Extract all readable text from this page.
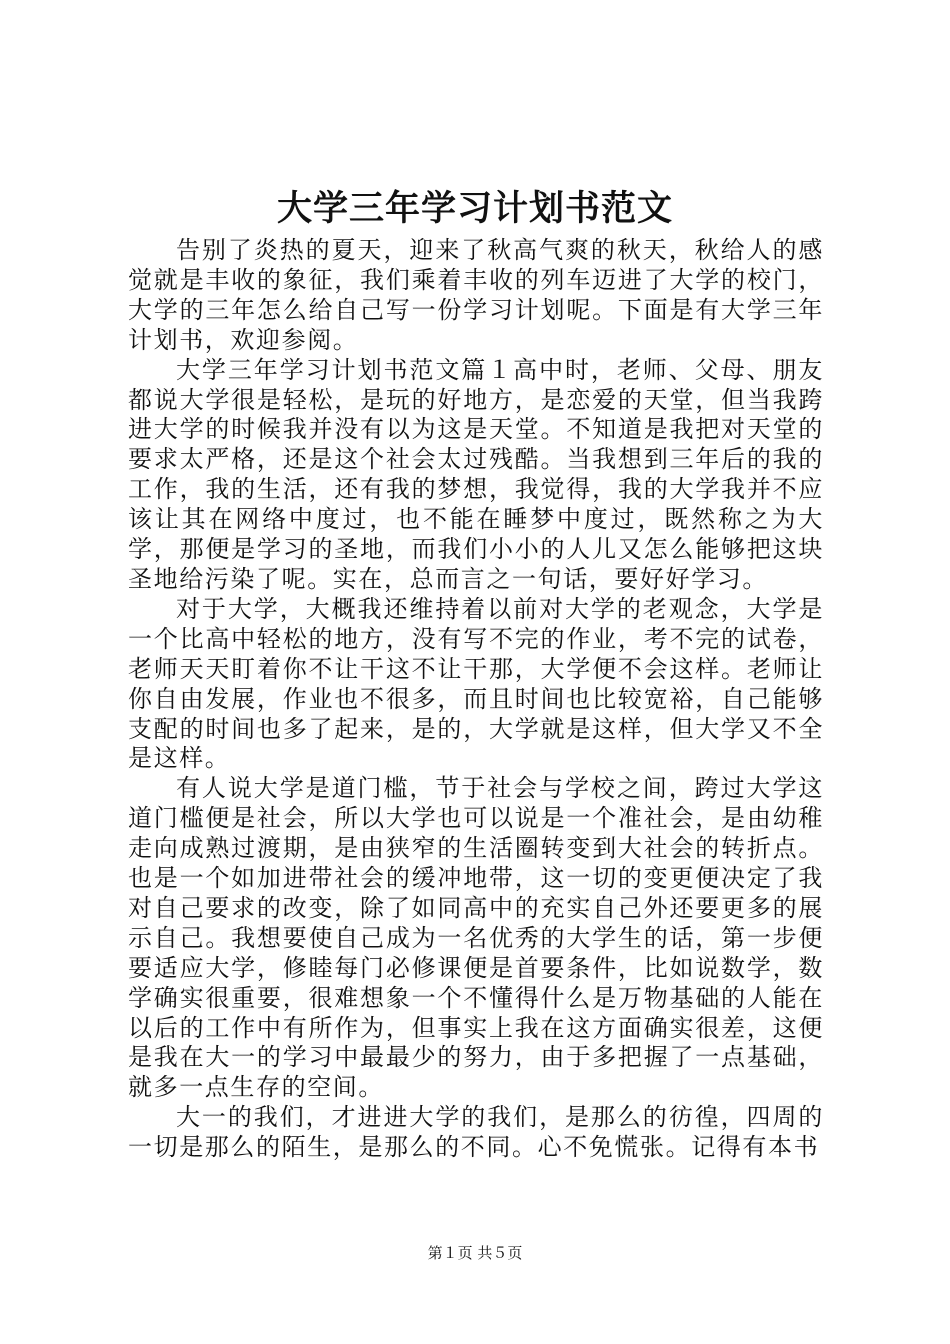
大学三年学习计划书范文

告别了炎热的夏天，迎来了秋高气爽的秋天，秋给人的感觉就是丰收的象征，我们乘着丰收的列车迈进了大学的校门，大学的三年怎么给自己写一份学习计划呢。下面是有大学三年计划书，欢迎参阅。

大学三年学习计划书范文篇１高中时，老师、父母、朋友都说大学很是轻松，是玩的好地方，是恋爱的天堂，但当我跨进大学的时候我并没有以为这是天堂。不知道是我把对天堂的要求太严格，还是这个社会太过残酷。当我想到三年后的我的工作，我的生活，还有我的梦想，我觉得，我的大学我并不应该让其在网络中度过，也不能在睡梦中度过，既然称之为大学，那便是学习的圣地，而我们小小的人儿又怎么能够把这块圣地给污染了呢。实在，总而言之一句话，要好好学习。

对于大学，大概我还维持着以前对大学的老观念，大学是一个比高中轻松的地方，没有写不完的作业，考不完的试卷，老师天天盯着你不让干这不让干那，大学便不会这样。老师让你自由发展，作业也不很多，而且时间也比较宽裕，自己能够支配的时间也多了起来，是的，大学就是这样，但大学又不全是这样。

有人说大学是道门槛，节于社会与学校之间，跨过大学这道门槛便是社会，所以大学也可以说是一个准社会，是由幼稚走向成熟过渡期，是由狭窄的生活圈转变到大社会的转折点。也是一个如加进带社会的缓冲地带，这一切的变更便决定了我对自己要求的改变，除了如同高中的充实自己外还要更多的展示自己。我想要使自己成为一名优秀的大学生的话，第一步便要适应大学，修睦每门必修课便是首要条件，比如说数学，数学确实很重要，很难想象一个不懂得什么是万物基础的人能在以后的工作中有所作为，但事实上我在这方面确实很差，这便是我在大一的学习中最最少的努力，由于多把握了一点基础，就多一点生存的空间。

大一的我们，才进进大学的我们，是那么的彷徨，四周的一切是那么的陌生，是那么的不同。心不免慌张。记得有本书

第１页 共５页
